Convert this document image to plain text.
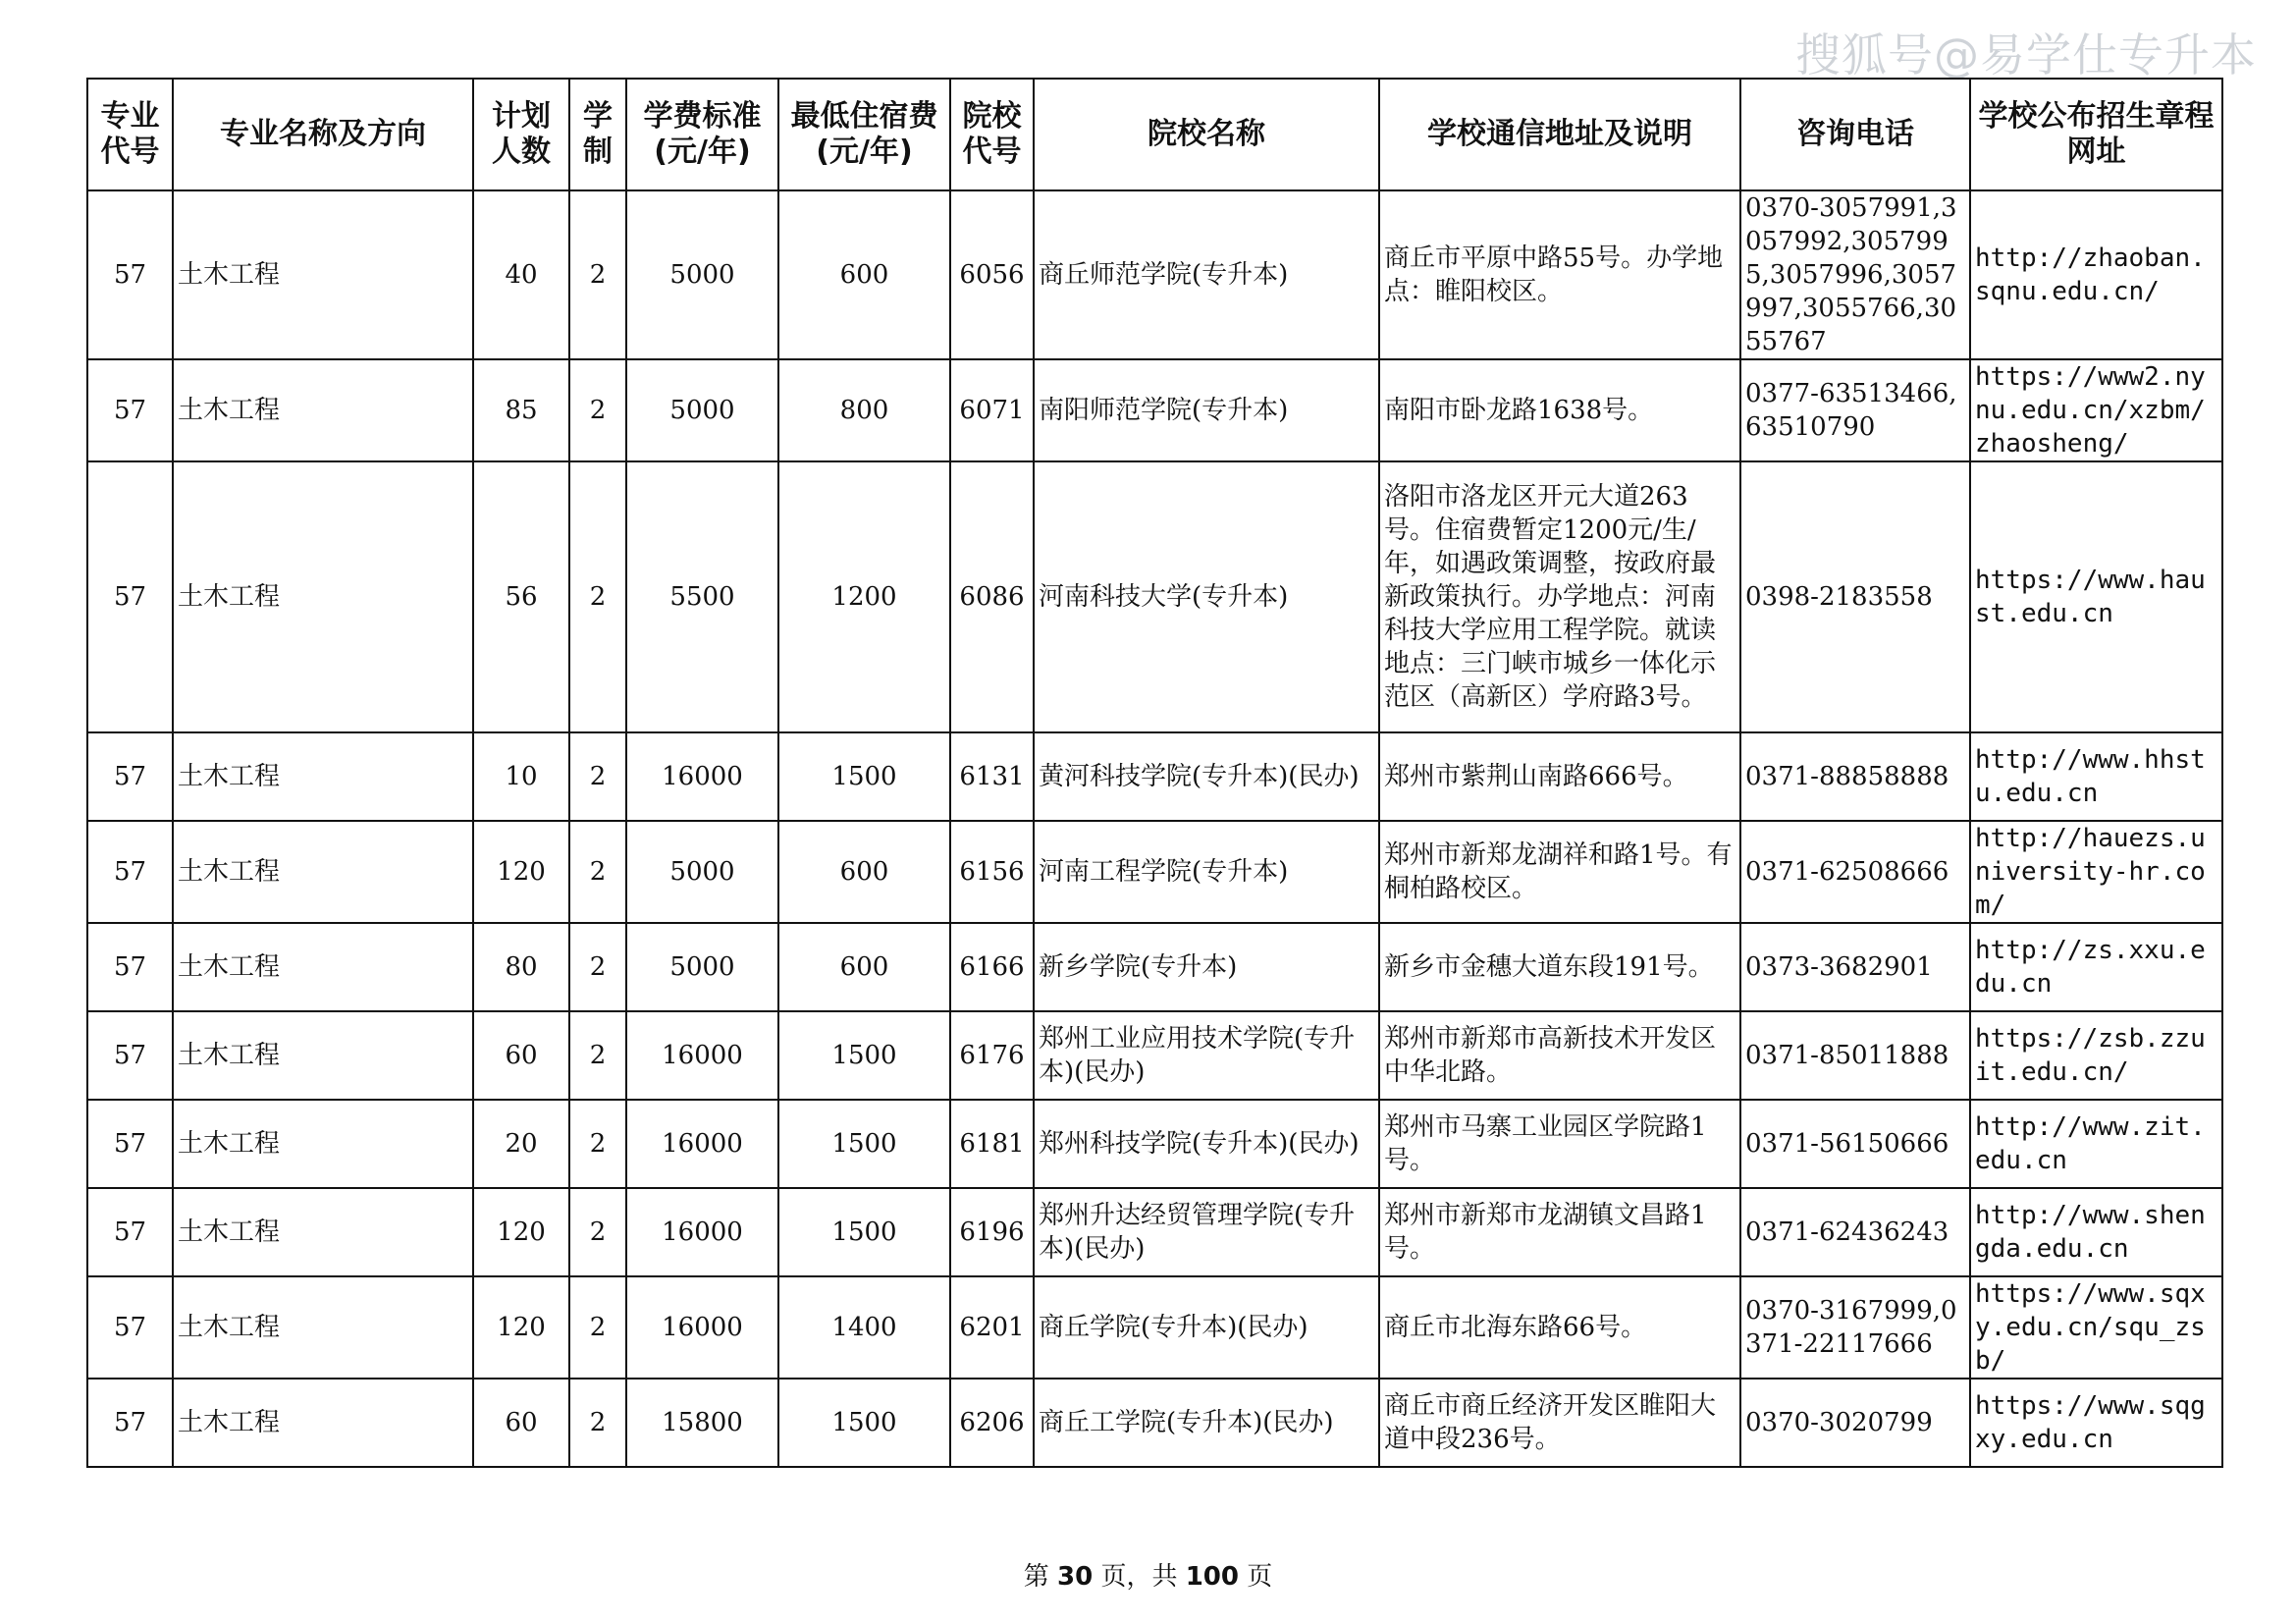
搜狐号@易学仕专升本
专业代号	专业名称及方向	计划人数	学制	学费标准(元/年)	最低住宿费(元/年)	院校代号	院校名称	学校通信地址及说明	咨询电话	学校公布招生章程网址
57	土木工程	40	2	5000	600	6056	商丘师范学院(专升本)	商丘市平原中路55号。办学地点：睢阳校区。	0370-3057991,3057992,3057995,3057996,3057997,3055766,3055767	http://zhaoban.sqnu.edu.cn/
57	土木工程	85	2	5000	800	6071	南阳师范学院(专升本)	南阳市卧龙路1638号。	0377-63513466,63510790	https://www2.nynu.edu.cn/xzbm/zhaosheng/
57	土木工程	56	2	5500	1200	6086	河南科技大学(专升本)	洛阳市洛龙区开元大道263号。住宿费暂定1200元/生/年，如遇政策调整，按政府最新政策执行。办学地点：河南科技大学应用工程学院。就读地点：三门峡市城乡一体化示范区（高新区）学府路3号。	0398-2183558	https://www.haust.edu.cn
57	土木工程	10	2	16000	1500	6131	黄河科技学院(专升本)(民办)	郑州市紫荆山南路666号。	0371-88858888	http://www.hhstu.edu.cn
57	土木工程	120	2	5000	600	6156	河南工程学院(专升本)	郑州市新郑龙湖祥和路1号。有桐柏路校区。	0371-62508666	http://hauezs.university-hr.com/
57	土木工程	80	2	5000	600	6166	新乡学院(专升本)	新乡市金穗大道东段191号。	0373-3682901	http://zs.xxu.edu.cn
57	土木工程	60	2	16000	1500	6176	郑州工业应用技术学院(专升本)(民办)	郑州市新郑市高新技术开发区中华北路。	0371-85011888	https://zsb.zzuit.edu.cn/
57	土木工程	20	2	16000	1500	6181	郑州科技学院(专升本)(民办)	郑州市马寨工业园区学院路1号。	0371-56150666	http://www.zit.edu.cn
57	土木工程	120	2	16000	1500	6196	郑州升达经贸管理学院(专升本)(民办)	郑州市新郑市龙湖镇文昌路1号。	0371-62436243	http://www.shengda.edu.cn
57	土木工程	120	2	16000	1400	6201	商丘学院(专升本)(民办)	商丘市北海东路66号。	0370-3167999,0371-22117666	https://www.sqxy.edu.cn/squ_zsb/
57	土木工程	60	2	15800	1500	6206	商丘工学院(专升本)(民办)	商丘市商丘经济开发区睢阳大道中段236号。	0370-3020799	https://www.sqgxy.edu.cn
第 30 页，共 100 页
